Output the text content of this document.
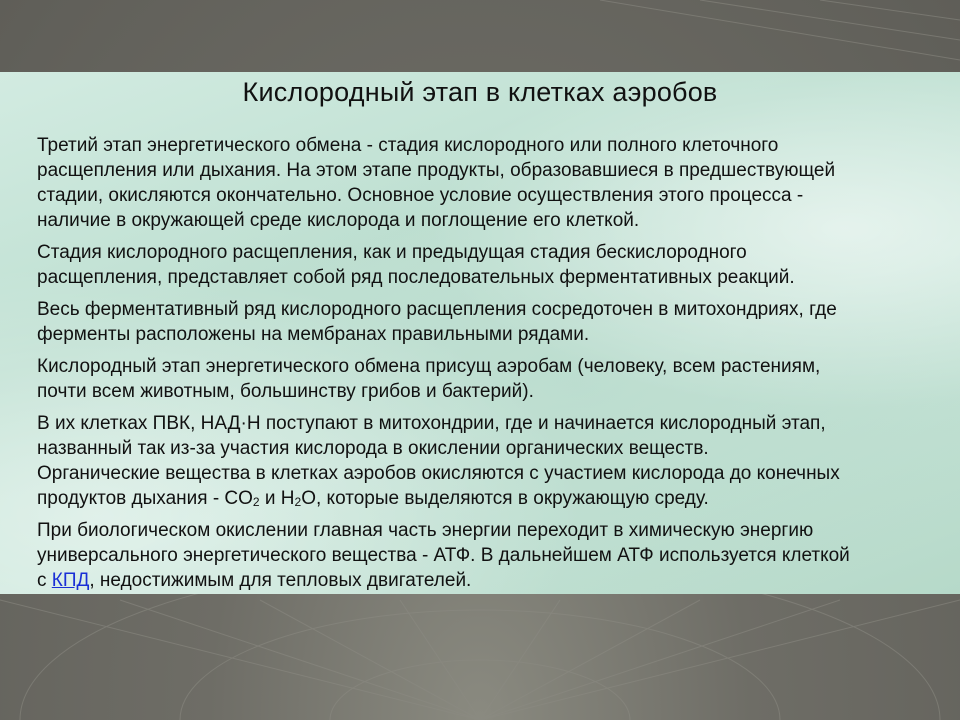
Кислородный этап в клетках аэробов

Третий этап энергетического обмена - стадия кислородного или полного клеточного
расщепления или дыхания. На этом этапе продукты, образовавшиеся в предшествующей
стадии, окисляются окончательно. Основное условие осуществления этого процесса -
наличие в окружающей среде кислорода и поглощение его клеткой.

Стадия кислородного расщепления, как и предыдущая стадия бескислородного
расщепления, представляет собой ряд последовательных ферментативных реакций.

Весь ферментативный ряд кислородного расщепления сосредоточен в митохондриях, где
ферменты расположены на мембранах правильными рядами.

Кислородный этап энергетического обмена присущ аэробам (человеку, всем растениям,
почти всем животным, большинству грибов и бактерий).

В их клетках ПВК, НАД·Н поступают в митохондрии, где и начинается кислородный этап,
названный так из-за участия кислорода в окислении органических веществ.
Органические вещества в клетках аэробов окисляются с участием кислорода до конечных
продуктов дыхания - $CO_2$ и $H_2O$, которые выделяются в окружающую среду.

При биологическом окислении главная часть энергии переходит в химическую энергию
универсального энергетического вещества - АТФ. В дальнейшем АТФ используется клеткой
с КПД, недостижимым для тепловых двигателей.
